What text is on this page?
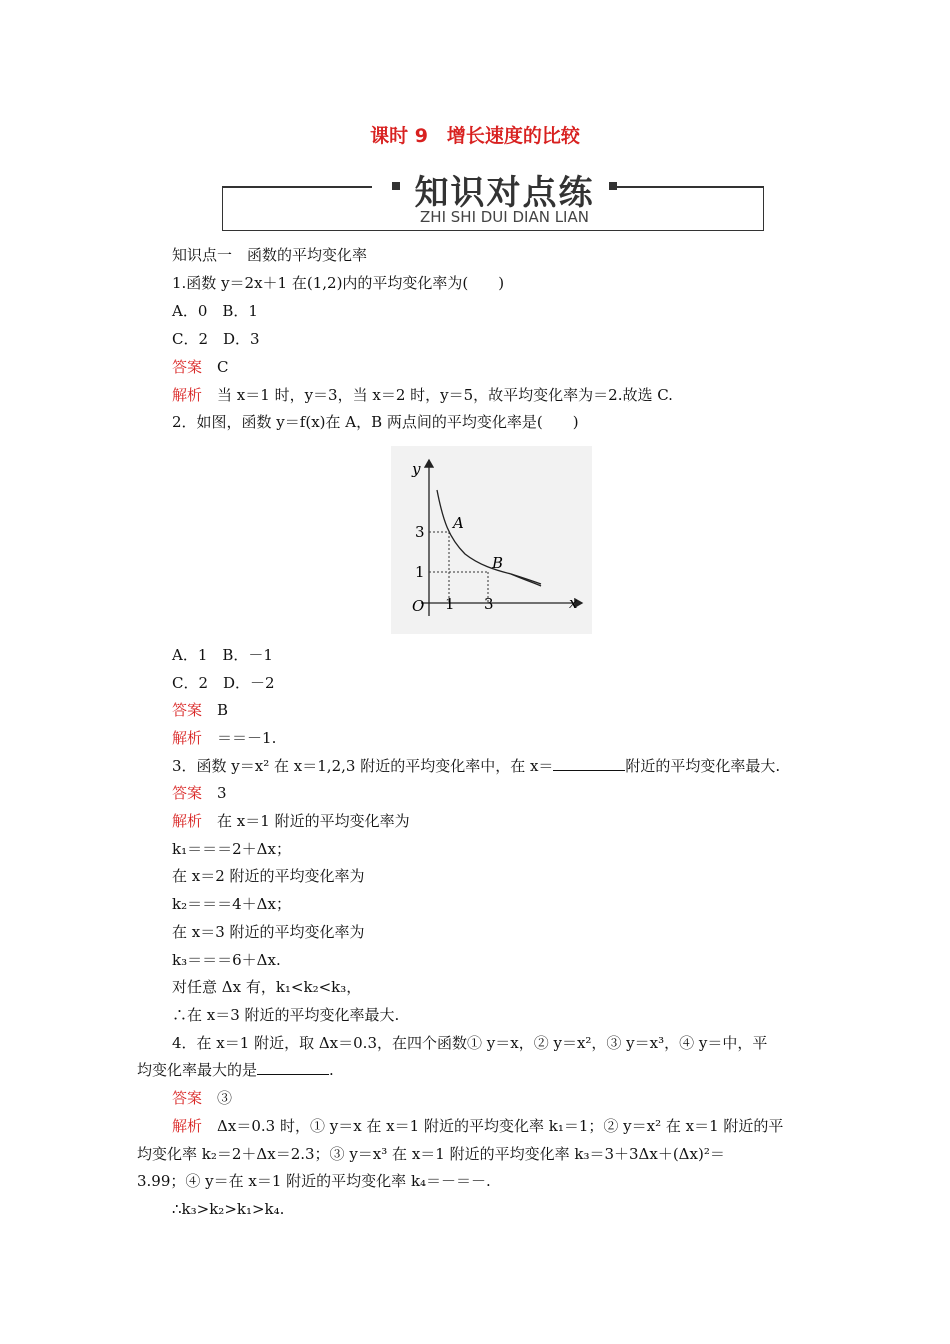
课时 9　增长速度的比较
知识对点练
ZHI SHI DUI DIAN LIAN
知识点一　函数的平均变化率
1.函数 y＝2x＋1 在(1,2)内的平均变化率为(　　)
A．0　B．1
C．2　D．3
答案　 C
解析　 当 x＝1 时，y＝3，当 x＝2 时，y＝5，故平均变化率为＝2.故选 C.
2．如图，函数 y＝f(x)在 A，B 两点间的平均变化率是(　　)
y
x
O
3
1
1 3
A
B
A．1　B．－1
C．2　D．－2
答案　 B
解析　 ＝＝－1.
3．函数 y＝x² 在 x＝1,2,3 附近的平均变化率中，在 x＝	附近的平均变化率最大.
答案　 3
解析　 在 x＝1 附近的平均变化率为
k₁＝＝＝2＋Δx；
在 x＝2 附近的平均变化率为
k₂＝＝＝4＋Δx；
在 x＝3 附近的平均变化率为
k₃＝＝＝6＋Δx.
对任意 Δx 有，k₁<k₂<k₃，
∴在 x＝3 附近的平均变化率最大.
4．在 x＝1 附近，取 Δx＝0.3，在四个函数① y＝x，② y＝x²，③ y＝x³，④ y＝中，平
均变化率最大的是	.
答案　 ③
解析　 Δx＝0.3 时，① y＝x 在 x＝1 附近的平均变化率 k₁＝1；② y＝x² 在 x＝1 附近的平
均变化率 k₂＝2＋Δx＝2.3；③ y＝x³ 在 x＝1 附近的平均变化率 k₃＝3＋3Δx＋(Δx)²＝
3.99；④ y＝在 x＝1 附近的平均变化率 k₄＝－＝－.
∴k₃>k₂>k₁>k₄.
